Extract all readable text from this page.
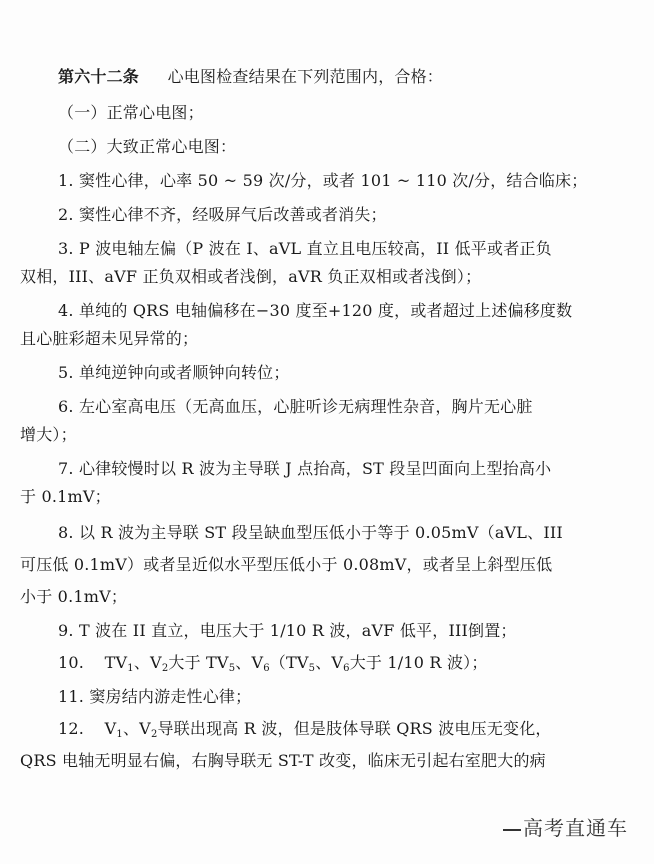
第六十二条 心电图检查结果在下列范围内，合格：
（一）正常心电图；
（二）大致正常心电图：
1. 窦性心律，心率 50 ~ 59 次/分，或者 101 ~ 110 次/分，结合临床；
2. 窦性心律不齐，经吸屏气后改善或者消失；
3. P 波电轴左偏（P 波在 I、aVL 直立且电压较高，II 低平或者正负
双相，III、aVF 正负双相或者浅倒，aVR 负正双相或者浅倒）；
4. 单纯的 QRS 电轴偏移在−30 度至+120 度，或者超过上述偏移度数
且心脏彩超未见异常的；
5. 单纯逆钟向或者顺钟向转位；
6. 左心室高电压（无高血压，心脏听诊无病理性杂音，胸片无心脏
增大）；
7. 心律较慢时以 R 波为主导联 J 点抬高，ST 段呈凹面向上型抬高小
于 0.1mV；
8. 以 R 波为主导联 ST 段呈缺血型压低小于等于 0.05mV（aVL、III
可压低 0.1mV）或者呈近似水平型压低小于 0.08mV，或者呈上斜型压低
小于 0.1mV；
9. T 波在 II 直立，电压大于 1/10 R 波，aVF 低平，III倒置；
10. $TV_1$、$V_2$大于 $TV_5$、$V_6(TV_5$、$V_6$大于 1/10 R 波）；
11. 窦房结内游走性心律；
12. $V_1$、$V_2$导联出现高 R 波，但是肢体导联 QRS 波电压无变化，
QRS 电轴无明显右偏，右胸导联无 ST-T 改变，临床无引起右室肥大的病
高考直通车
